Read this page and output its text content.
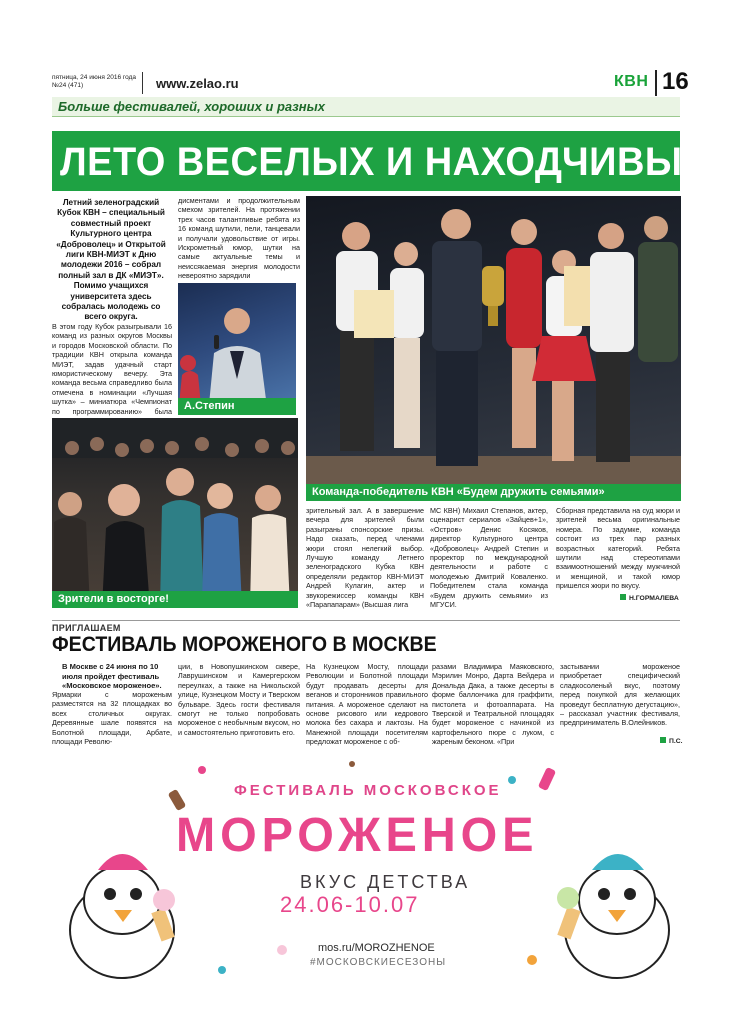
пятница, 24 июня 2016 года
№24 (471)	www.zelao.ru	КВН 16
Больше фестивалей, хороших и разных
ЛЕТО ВЕСЕЛЫХ И НАХОДЧИВЫХ
Летний зеленоградский Кубок КВН – специальный совместный проект Культурного центра «Доброволец» и Открытой лиги КВН-МИЭТ к Дню молодежи 2016 – собрал полный зал в ДК «МИЭТ». Помимо учащихся университета здесь собралась молодежь со всего округа.
В этом году Кубок разыгрывали 16 команд из разных округов Москвы и городов Московской области. По традиции КВН открыла команда МИЭТ, задав удачный старт юмористическому вечеру. Эта команда весьма справедливо была отмечена в номинации «Лучшая шутка» – миниатюра «Чемпионат по программированию» была
дисментами и продолжительным смехом зрителей. На протяжении трех часов талантливые ребята из 16 команд шутили, пели, танцевали и получали удовольствие от игры. Искрометный юмор, шутки на самые актуальные темы и неиссякаемая энергия молодости невероятно зарядили
А.Степин
Команда-победитель КВН «Будем дружить семьями»
Зрители в восторге!
зрительный зал. А в завершение вечера для зрителей были разыграны спонсорские призы. Надо сказать, перед членами жюри стоял нелегкий выбор. Лучшую команду Летнего зеленоградского Кубка КВН определяли редактор КВН-МИЭТ Андрей Кулагин, актер и звукорежиссер команды КВН «Парапапарам» (Высшая лига
МС КВН) Михаил Степанов, актер, сценарист сериалов «Зайцев+1», «Остров» Денис Косяков, директор Культурного центра «Доброволец» Андрей Степин и проректор по международной деятельности и работе с молодежью Дмитрий Коваленко. Победителем стала команда «Будем дружить семьями» из МГУСИ.
Сборная представила на суд жюри и зрителей весьма оригинальные номера. По задумке, команда состоит из трех пар разных возрастных категорий. Ребята шутили над стереотипами взаимоотношений между мужчиной и женщиной, и такой юмор пришелся жюри по вкусу.
Н.ГОРМАЛЕВА
ПРИГЛАШАЕМ
ФЕСТИВАЛЬ МОРОЖЕНОГО В МОСКВЕ
В Москве с 24 июня по 10 июля пройдет фестиваль «Московское мороженое».
Ярмарки с мороженым разместятся на 32 площадках во всех столичных округах. Деревянные шале появятся на Болотной площади, Арбате, площади Револю-
ции, в Новопушкинском сквере, Лаврушинском и Камергерском переулках, а также на Никольской улице, Кузнецком Мосту и Тверском бульваре. Здесь гости фестиваля смогут не только попробовать мороженое с необычным вкусом, но и самостоятельно приготовить его.
На Кузнецком Мосту, площади Революции и Болотной площади будут продавать десерты для веганов и сторонников правильного питания. А мороженое сделают на основе рисового или кедрового молока без сахара и лактозы. На Манежной площади посетителям предложат мороженое с об-
разами Владимира Маяковского, Мэрилин Монро, Дарта Вейдера и Дональда Дака, а также десерты в форме баллончика для граффити, пистолета и фотоаппарата. На Тверской и Театральной площадях будет мороженое с начинкой из картофельного пюре с луком, с жареным беконом. «При
застывании мороженое приобретает специфический сладкосоленый вкус, поэтому перед покупкой для желающих проведут бесплатную дегустацию», – рассказал участник фестиваля, предприниматель В.Олейников.
П.С.
ФЕСТИВАЛЬ МОСКОВСКОЕ
МОРОЖЕНОЕ
ВКУС ДЕТСТВА
24.06-10.07
mos.ru/MOROZHENOE
#МОСКОВСКИЕСЕЗОНЫ
